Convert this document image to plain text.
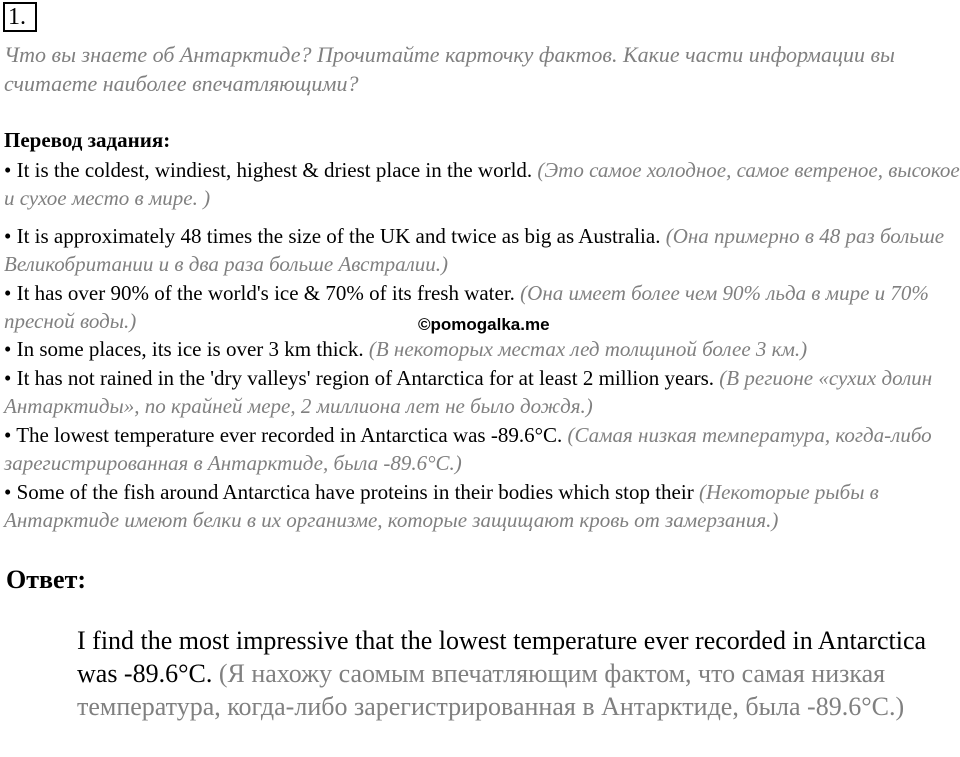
1.
Что вы знаете об Антарктиде? Прочитайте карточку фактов. Какие части информации вы считаете наиболее впечатляющими?
Перевод задания:
• It is the coldest, windiest, highest & driest place in the world. (Это самое холодное, самое ветреное, высокое и сухое место в мире. )
• It is approximately 48 times the size of the UK and twice as big as Australia. (Она примерно в 48 раз больше Великобритании и в два раза больше Австралии.)
• It has over 90% of the world's ice & 70% of its fresh water. (Она имеет более чем 90% льда в мире и 70% пресной воды.)
• In some places, its ice is over 3 km thick. (В некоторых местах лед толщиной более 3 км.)
• It has not rained in the 'dry valleys' region of Antarctica for at least 2 million years. (В регионе «сухих долин Антарктиды», по крайней мере, 2 миллиона лет не было дождя.)
• The lowest temperature ever recorded in Antarctica was -89.6°C. (Самая низкая температура, когда-либо зарегистрированная в Антарктиде, была -89.6°C.)
• Some of the fish around Antarctica have proteins in their bodies which stop their (Некоторые рыбы в Антарктиде имеют белки в их организме, которые защищают кровь от замерзания.)
©pomogalka.me
Ответ:
I find the most impressive that the lowest temperature ever recorded in Antarctica was -89.6°C. (Я нахожу саомым впечатляющим фактом, что самая низкая температура, когда-либо зарегистрированная в Антарктиде, была -89.6°C.)
